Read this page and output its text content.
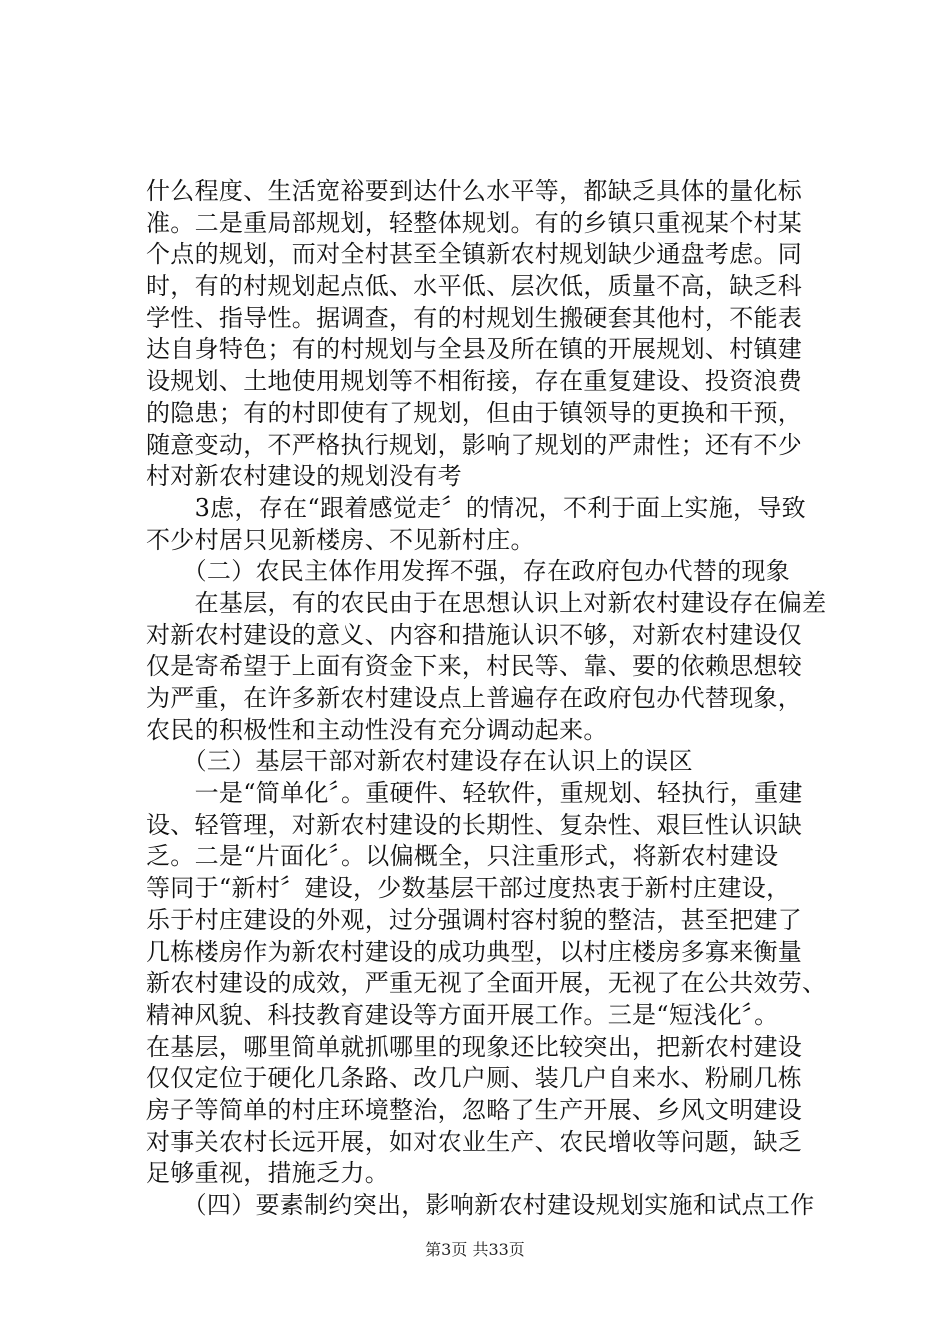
什么程度、生活宽裕要到达什么水平等，都缺乏具体的量化标
准。二是重局部规划，轻整体规划。有的乡镇只重视某个村某
个点的规划，而对全村甚至全镇新农村规划缺少通盘考虑。同
时，有的村规划起点低、水平低、层次低，质量不高，缺乏科
学性、指导性。据调查，有的村规划生搬硬套其他村，不能表
达自身特色；有的村规划与全县及所在镇的开展规划、村镇建
设规划、土地使用规划等不相衔接，存在重复建设、投资浪费
的隐患；有的村即使有了规划，但由于镇领导的更换和干预，
随意变动，不严格执行规划，影响了规划的严肃性；还有不少
村对新农村建设的规划没有考
　　3虑，存在“跟着感觉走〞的情况，不利于面上实施，导致
不少村居只见新楼房、不见新村庄。
　　（二）农民主体作用发挥不强，存在政府包办代替的现象
　　在基层，有的农民由于在思想认识上对新农村建设存在偏差
对新农村建设的意义、内容和措施认识不够，对新农村建设仅
仅是寄希望于上面有资金下来，村民等、靠、要的依赖思想较
为严重，在许多新农村建设点上普遍存在政府包办代替现象，
农民的积极性和主动性没有充分调动起来。
　　（三）基层干部对新农村建设存在认识上的误区
　　一是“简单化〞。重硬件、轻软件，重规划、轻执行，重建
设、轻管理，对新农村建设的长期性、复杂性、艰巨性认识缺
乏。二是“片面化〞。以偏概全，只注重形式，将新农村建设
等同于“新村〞建设，少数基层干部过度热衷于新村庄建设，
乐于村庄建设的外观，过分强调村容村貌的整洁，甚至把建了
几栋楼房作为新农村建设的成功典型，以村庄楼房多寡来衡量
新农村建设的成效，严重无视了全面开展，无视了在公共效劳、
精神风貌、科技教育建设等方面开展工作。三是“短浅化〞。
在基层，哪里简单就抓哪里的现象还比较突出，把新农村建设
仅仅定位于硬化几条路、改几户厕、装几户自来水、粉刷几栋
房子等简单的村庄环境整治，忽略了生产开展、乡风文明建设
对事关农村长远开展，如对农业生产、农民增收等问题，缺乏
足够重视，措施乏力。
　　（四）要素制约突出，影响新农村建设规划实施和试点工作
第3页 共33页
